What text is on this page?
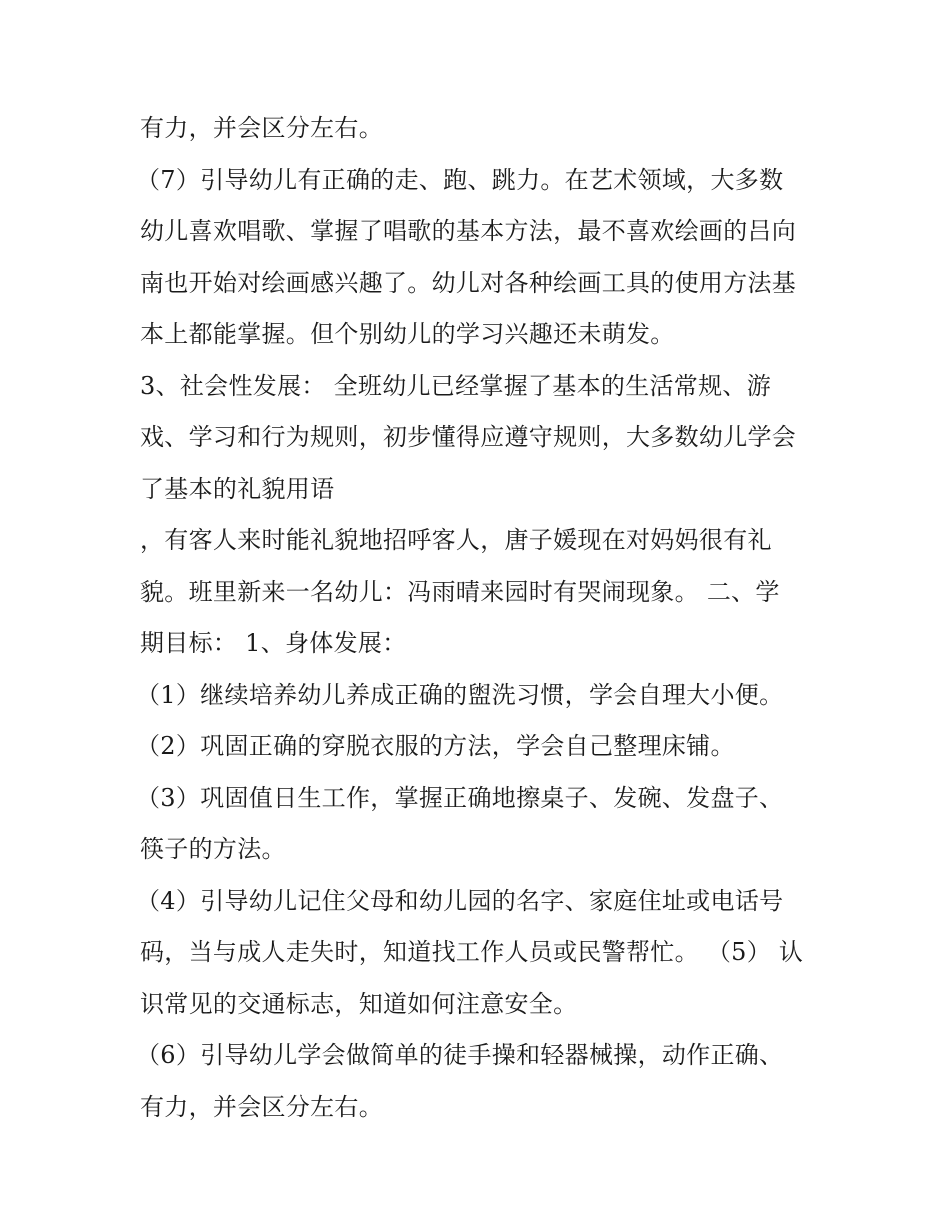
有力，并会区分左右。
（7）引导幼儿有正确的走、跑、跳力。在艺术领域，大多数
幼儿喜欢唱歌、掌握了唱歌的基本方法，最不喜欢绘画的吕向
南也开始对绘画感兴趣了。幼儿对各种绘画工具的使用方法基
本上都能掌握。但个别幼儿的学习兴趣还未萌发。
3、社会性发展： 全班幼儿已经掌握了基本的生活常规、游
戏、学习和行为规则，初步懂得应遵守规则，大多数幼儿学会
了基本的礼貌用语
，有客人来时能礼貌地招呼客人，唐子媛现在对妈妈很有礼
貌。班里新来一名幼儿：冯雨晴来园时有哭闹现象。 二、学
期目标： 1、身体发展：
（1）继续培养幼儿养成正确的盥洗习惯，学会自理大小便。
（2）巩固正确的穿脱衣服的方法，学会自己整理床铺。
（3）巩固值日生工作，掌握正确地擦桌子、发碗、发盘子、
筷子的方法。
（4）引导幼儿记住父母和幼儿园的名字、家庭住址或电话号
码，当与成人走失时，知道找工作人员或民警帮忙。 （5） 认
识常见的交通标志，知道如何注意安全。
（6）引导幼儿学会做简单的徒手操和轻器械操，动作正确、
有力，并会区分左右。
